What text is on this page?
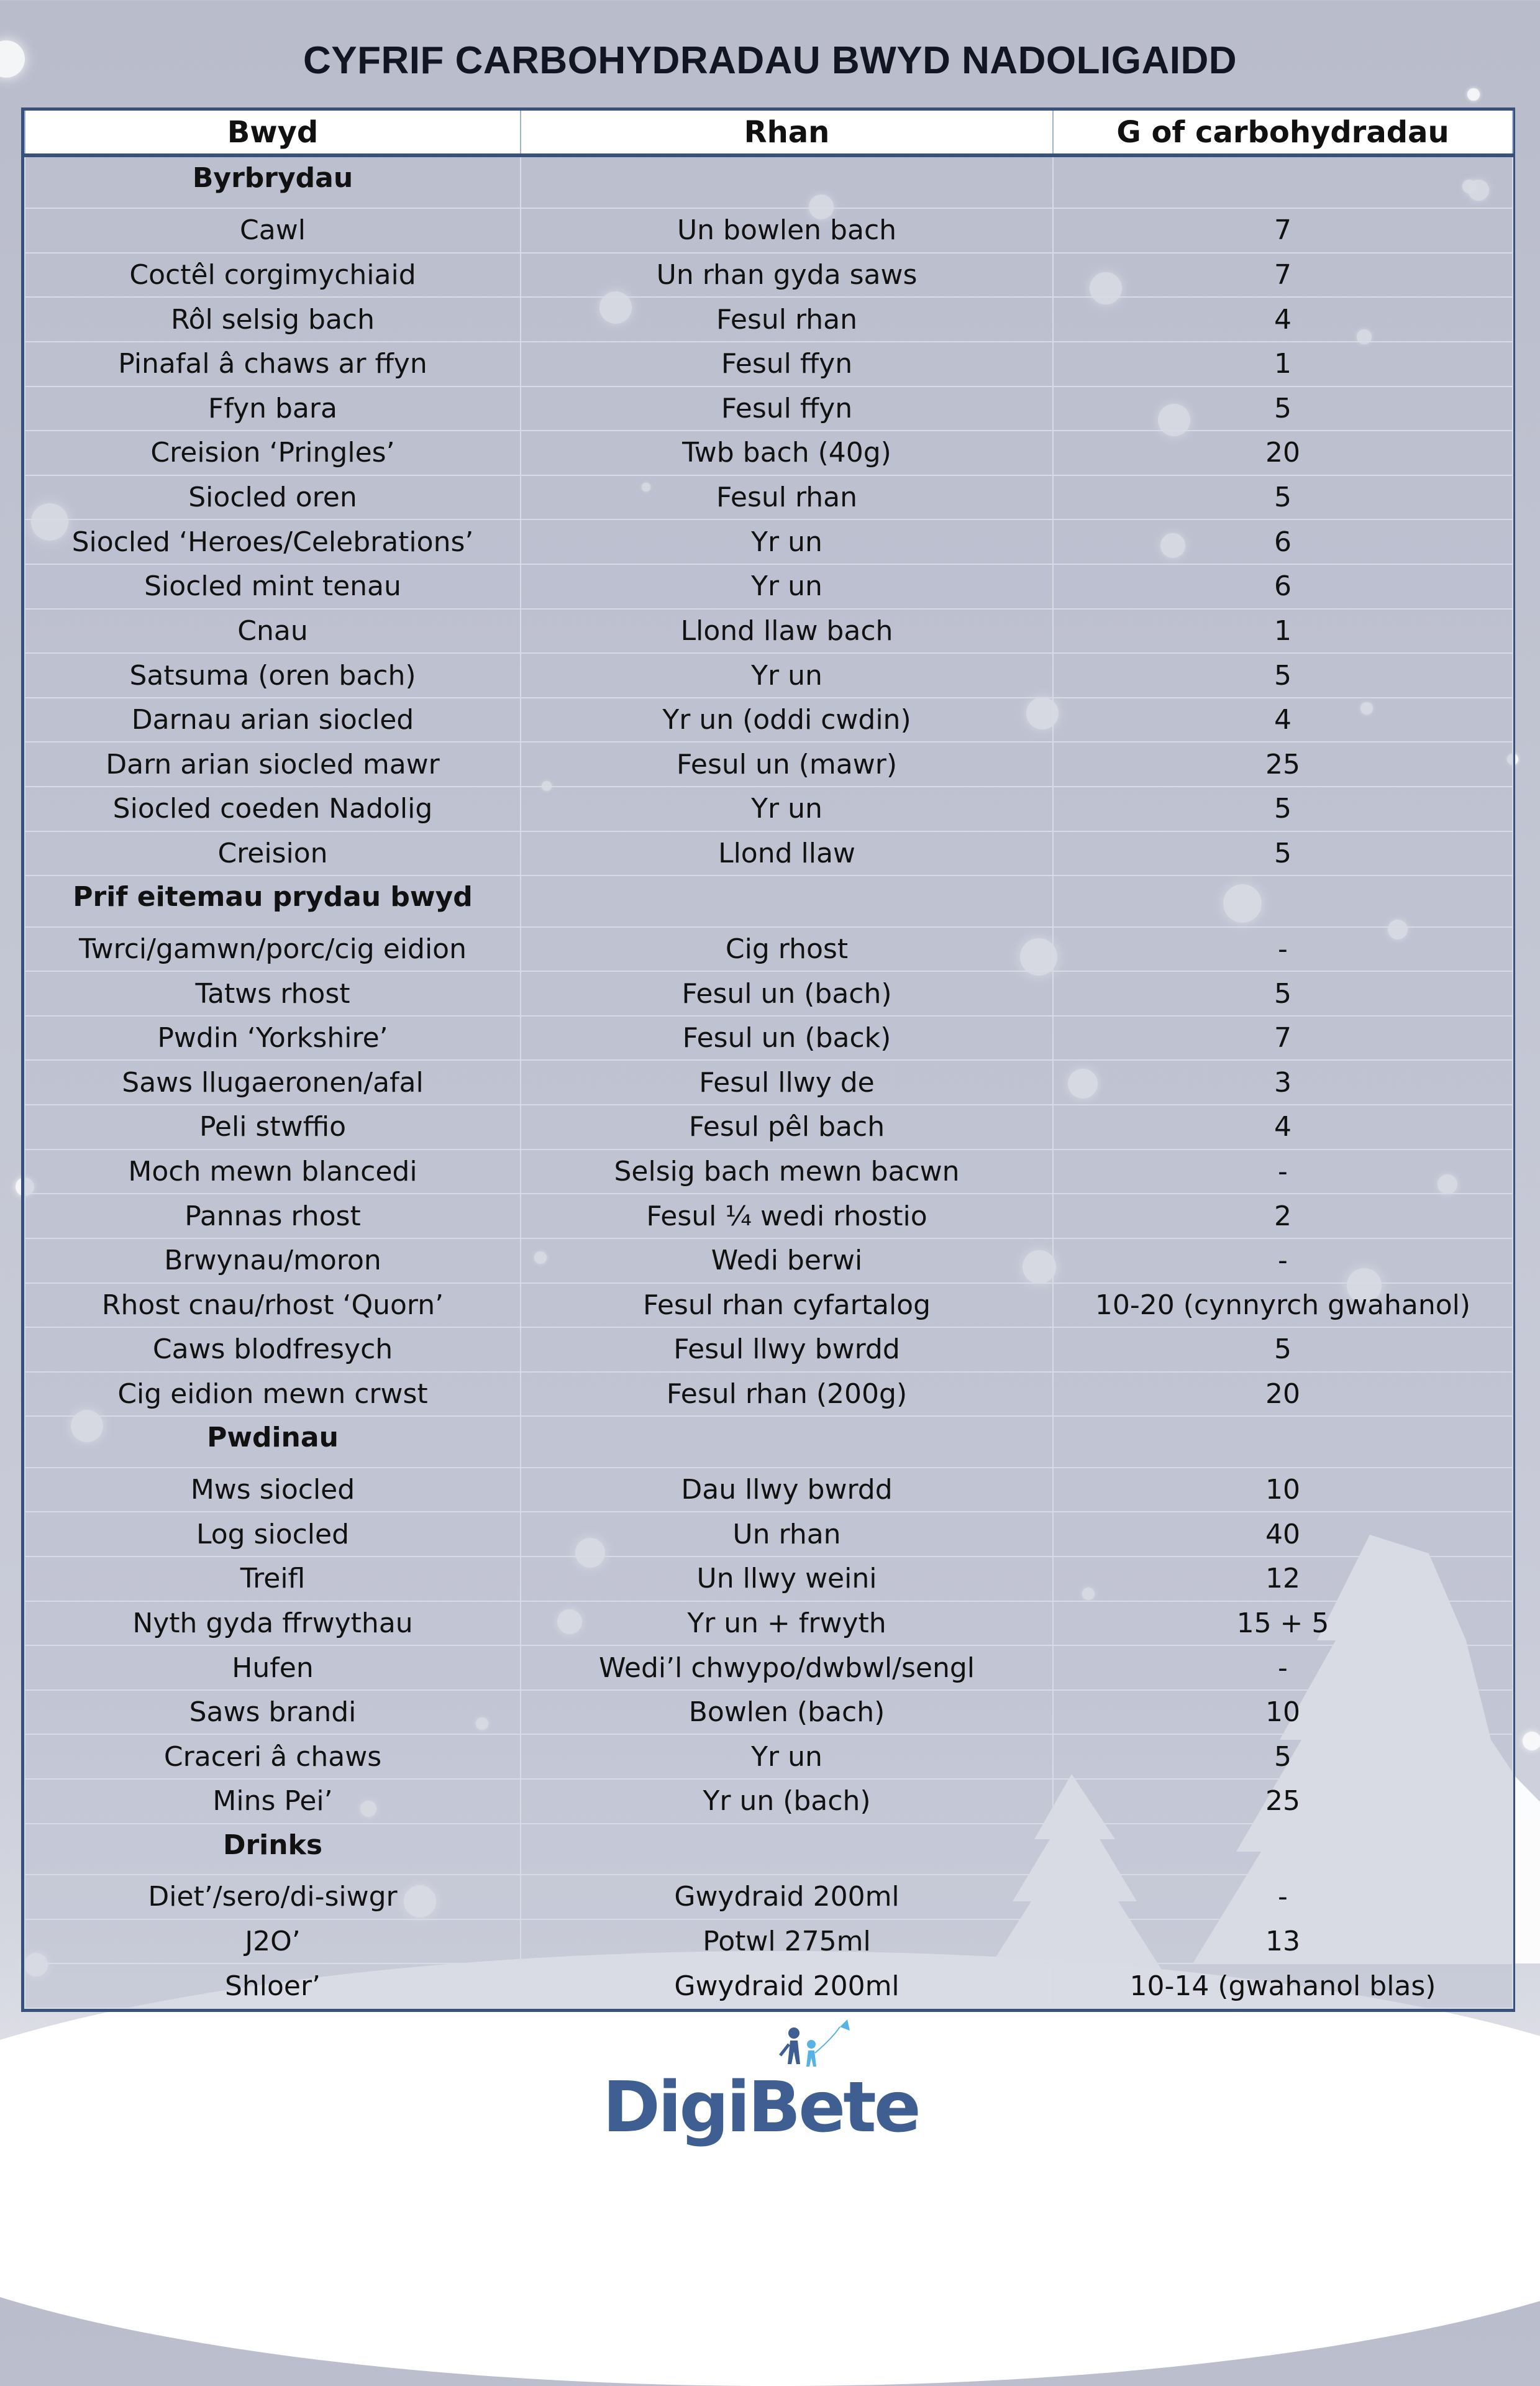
CYFRIF CARBOHYDRADAU BWYD NADOLIGAIDD
Bwyd	Rhan	G of carbohydradau
Byrbrydau		
Cawl	Un bowlen bach	7
Coctêl corgimychiaid	Un rhan gyda saws	7
Rôl selsig bach	Fesul rhan	4
Pinafal â chaws ar ffyn	Fesul ffyn	1
Ffyn bara	Fesul ffyn	5
Creision ‘Pringles’	Twb bach (40g)	20
Siocled oren	Fesul rhan	5
Siocled ‘Heroes/Celebrations’	Yr un	6
Siocled mint tenau	Yr un	6
Cnau	Llond llaw bach	1
Satsuma (oren bach)	Yr un	5
Darnau arian siocled	Yr un (oddi cwdin)	4
Darn arian siocled mawr	Fesul un (mawr)	25
Siocled coeden Nadolig	Yr un	5
Creision	Llond llaw	5
Prif eitemau prydau bwyd		
Twrci/gamwn/porc/cig eidion	Cig rhost	-
Tatws rhost	Fesul un (bach)	5
Pwdin ‘Yorkshire’	Fesul un (back)	7
Saws llugaeronen/afal	Fesul llwy de	3
Peli stwffio	Fesul pêl bach	4
Moch mewn blancedi	Selsig bach mewn bacwn	-
Pannas rhost	Fesul ¼ wedi rhostio	2
Brwynau/moron	Wedi berwi	-
Rhost cnau/rhost ‘Quorn’	Fesul rhan cyfartalog	10-20 (cynnyrch gwahanol)
Caws blodfresych	Fesul llwy bwrdd	5
Cig eidion mewn crwst	Fesul rhan (200g)	20
Pwdinau		
Mws siocled	Dau llwy bwrdd	10
Log siocled	Un rhan	40
Treifl	Un llwy weini	12
Nyth gyda ffrwythau	Yr un + frwyth	15 + 5
Hufen	Wedi’l chwypo/dwbwl/sengl	-
Saws brandi	Bowlen (bach)	10
Craceri â chaws	Yr un	5
Mins Pei’	Yr un (bach)	25
Drinks		
Diet’/sero/di-siwgr	Gwydraid 200ml	-
J2O’	Potwl 275ml	13
Shloer’	Gwydraid 200ml	10-14 (gwahanol blas)
DigiBete
